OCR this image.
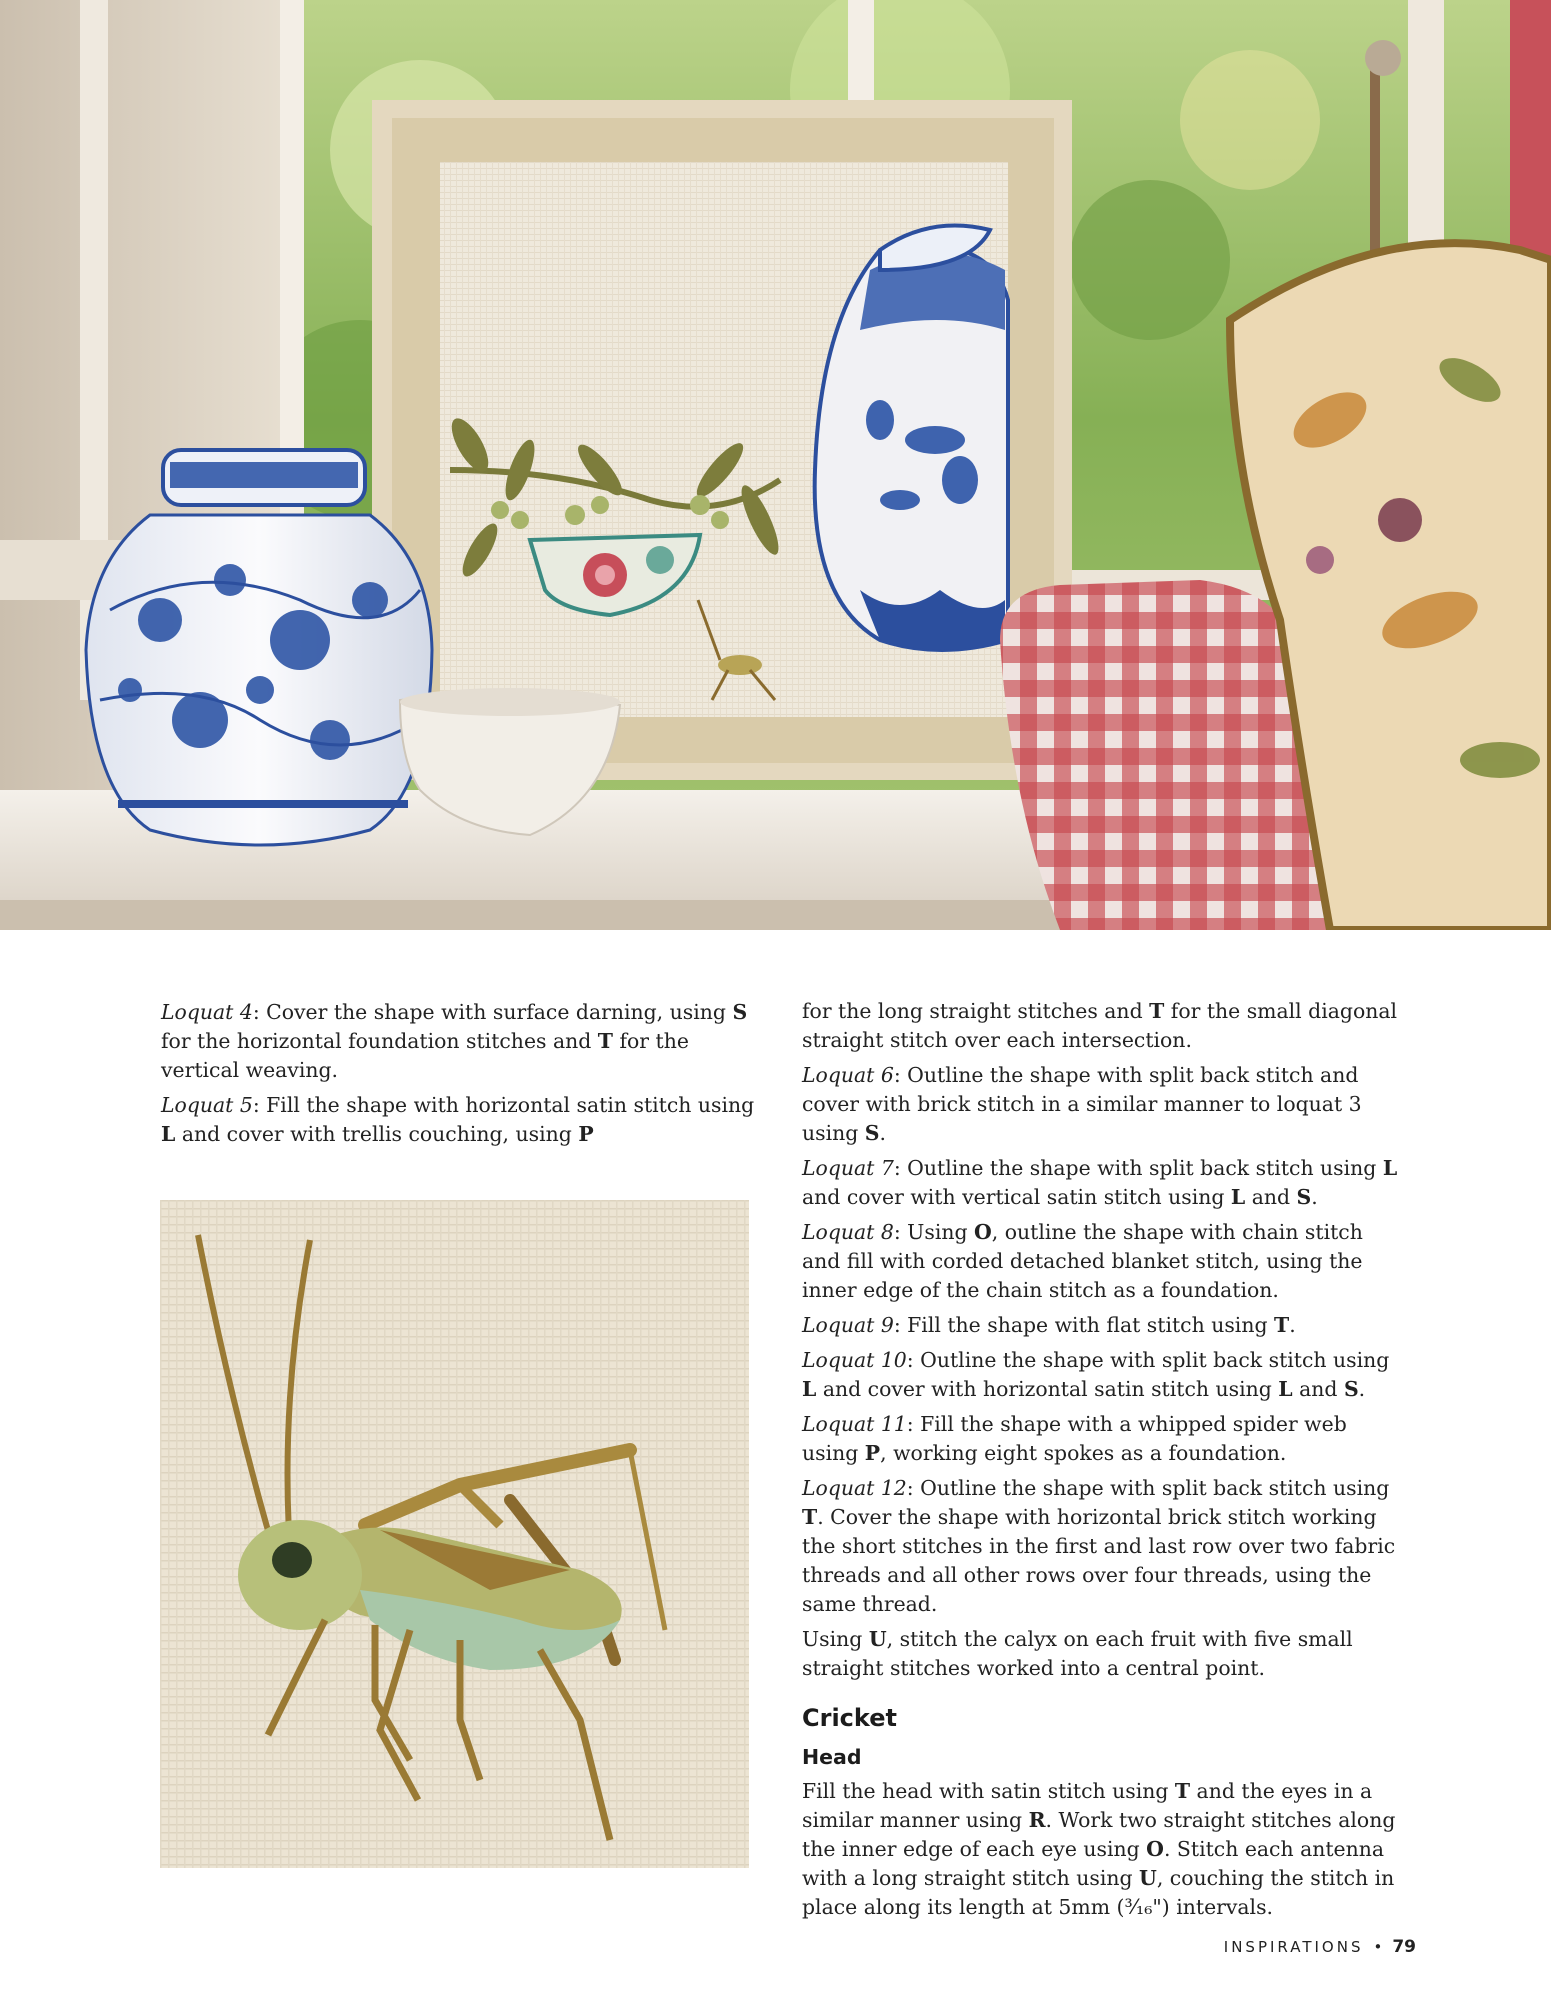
Loquat 4: Cover the shape with surface darning, using S for the horizontal foundation stitches and T for the vertical weaving.

Loquat 5: Fill the shape with horizontal satin stitch using L and cover with trellis couching, using P

for the long straight stitches and T for the small diagonal straight stitch over each intersection.

Loquat 6: Outline the shape with split back stitch and cover with brick stitch in a similar manner to loquat 3 using S.

Loquat 7: Outline the shape with split back stitch using L and cover with vertical satin stitch using L and S.

Loquat 8: Using O, outline the shape with chain stitch and fill with corded detached blanket stitch, using the inner edge of the chain stitch as a foundation.

Loquat 9: Fill the shape with flat stitch using T.

Loquat 10: Outline the shape with split back stitch using L and cover with horizontal satin stitch using L and S.

Loquat 11: Fill the shape with a whipped spider web using P, working eight spokes as a foundation.

Loquat 12: Outline the shape with split back stitch using T. Cover the shape with horizontal brick stitch working the short stitches in the first and last row over two fabric threads and all other rows over four threads, using the same thread.

Using U, stitch the calyx on each fruit with five small straight stitches worked into a central point.

Cricket
Head

Fill the head with satin stitch using T and the eyes in a similar manner using R. Work two straight stitches along the inner edge of each eye using O. Stitch each antenna with a long straight stitch using U, couching the stitch in place along its length at 5mm (³⁄₁₆") intervals.

INSPIRATIONS • 79
